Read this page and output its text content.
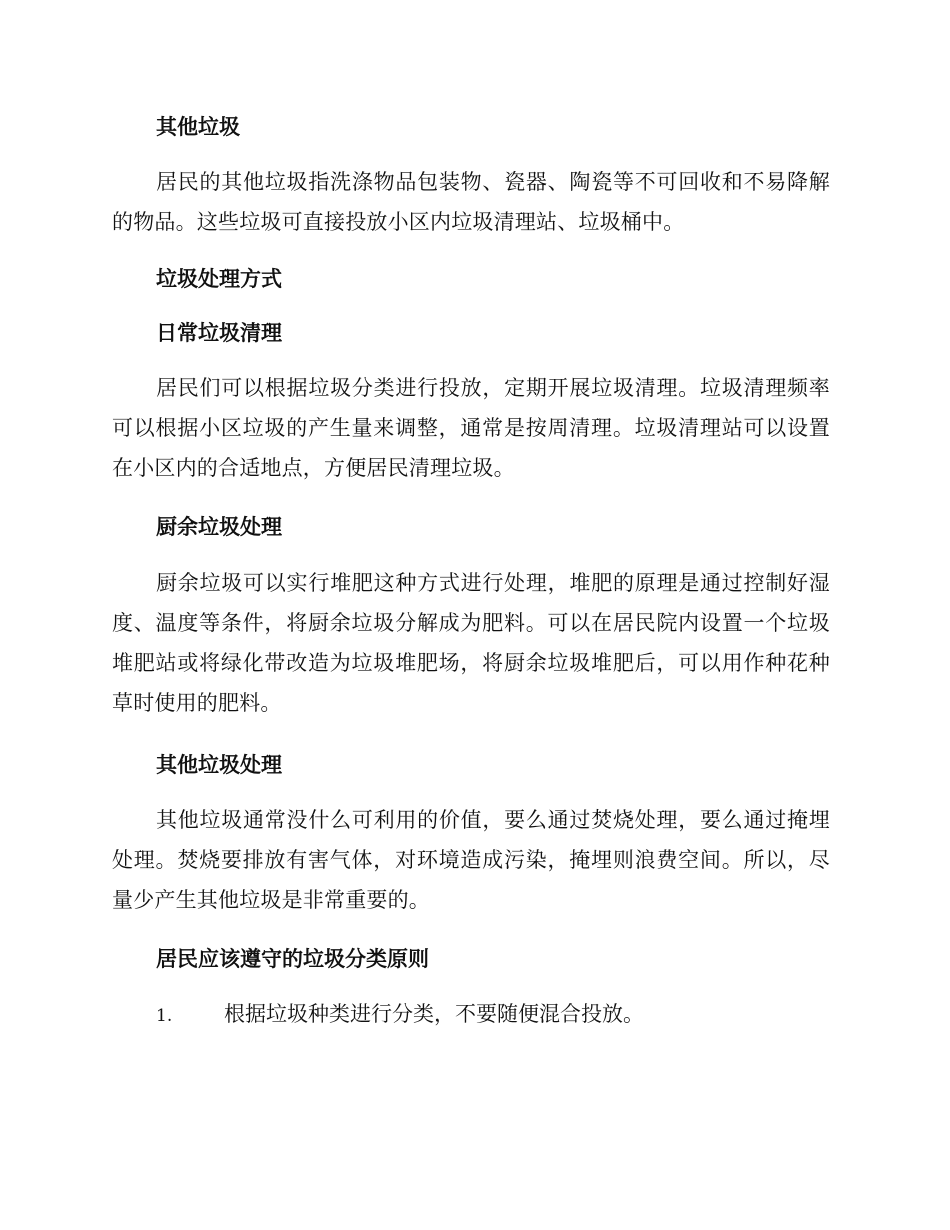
其他垃圾
居民的其他垃圾指洗涤物品包装物、瓷器、陶瓷等不可回收和不易降解的物品。这些垃圾可直接投放小区内垃圾清理站、垃圾桶中。
垃圾处理方式
日常垃圾清理
居民们可以根据垃圾分类进行投放，定期开展垃圾清理。垃圾清理频率可以根据小区垃圾的产生量来调整，通常是按周清理。垃圾清理站可以设置在小区内的合适地点，方便居民清理垃圾。
厨余垃圾处理
厨余垃圾可以实行堆肥这种方式进行处理，堆肥的原理是通过控制好湿度、温度等条件，将厨余垃圾分解成为肥料。可以在居民院内设置一个垃圾堆肥站或将绿化带改造为垃圾堆肥场，将厨余垃圾堆肥后，可以用作种花种草时使用的肥料。
其他垃圾处理
其他垃圾通常没什么可利用的价值，要么通过焚烧处理，要么通过掩埋处理。焚烧要排放有害气体，对环境造成污染，掩埋则浪费空间。所以，尽量少产生其他垃圾是非常重要的。
居民应该遵守的垃圾分类原则
1. 根据垃圾种类进行分类，不要随便混合投放。
